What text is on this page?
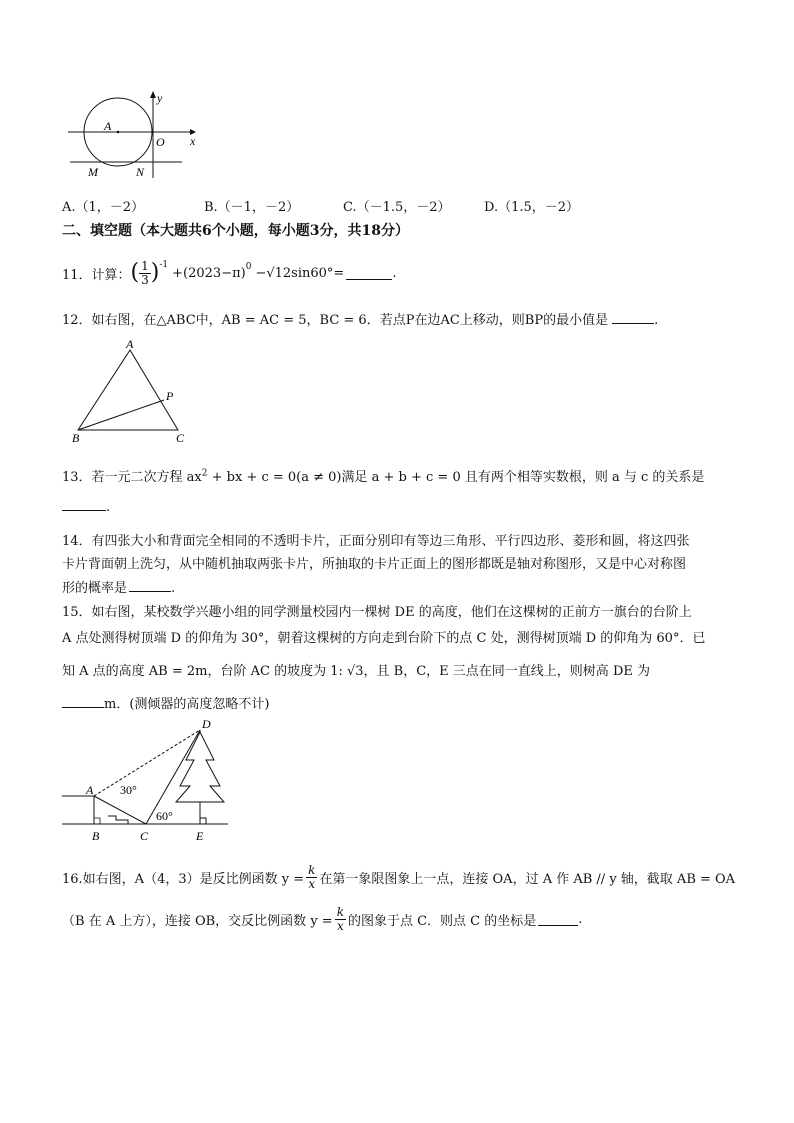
y
x
A
O
M	N
A.（1，－2）	B.（－1，－2）	C.（－1.5，－2）	D.（1.5，－2）
二、填空题（本大题共6个小题，每小题3分，共18分）
11．计算： ( $\frac{1}{3} )^{-1}$
$+(2023-\pi)^0 -√12\sin 60^\circ=$	.
12．如右图，在△ABC中，AB = AC = 5，BC = 6．若点P在边AC上移动，则BP的最小值是	.
A
B	C
P
13．若一元二次方程 $ax^2$ + bx + c = 0(a ≠ 0)满足 a + b + c = 0 且有两个相等实数根，则 a 与 c 的关系是
.
14．有四张大小和背面完全相同的不透明卡片，正面分别印有等边三角形、平行四边形、菱形和圆，将这四张
卡片背面朝上洗匀，从中随机抽取两张卡片，所抽取的卡片正面上的图形都既是轴对称图形，又是中心对称图
形的概率是	.
15．如右图，某校数学兴趣小组的同学测量校园内一棵树 DE 的高度，他们在这棵树的正前方一旗台的台阶上
A 点处测得树顶端 D 的仰角为 30°，朝着这棵树的方向走到台阶下的点 C 处，测得树顶端 D 的仰角为 60°．已
知 A 点的高度 AB = 2m，台阶 AC 的坡度为 1: √3，且 B，C，E 三点在同一直线上，则树高 DE 为
m．(测倾器的高度忽略不计)
D
A
B	C	E
30°
60°
16.如右图，A（4，3）是反比例函数 $y = \frac{k}{x}$ 在第一象限图象上一点，连接 OA，过 A 作 AB // y 轴，截取 AB = OA
（B 在 A 上方），连接 OB，交反比例函数 $y = \frac{k}{x}$ 的图象于点 C．则点 C 的坐标是	.
